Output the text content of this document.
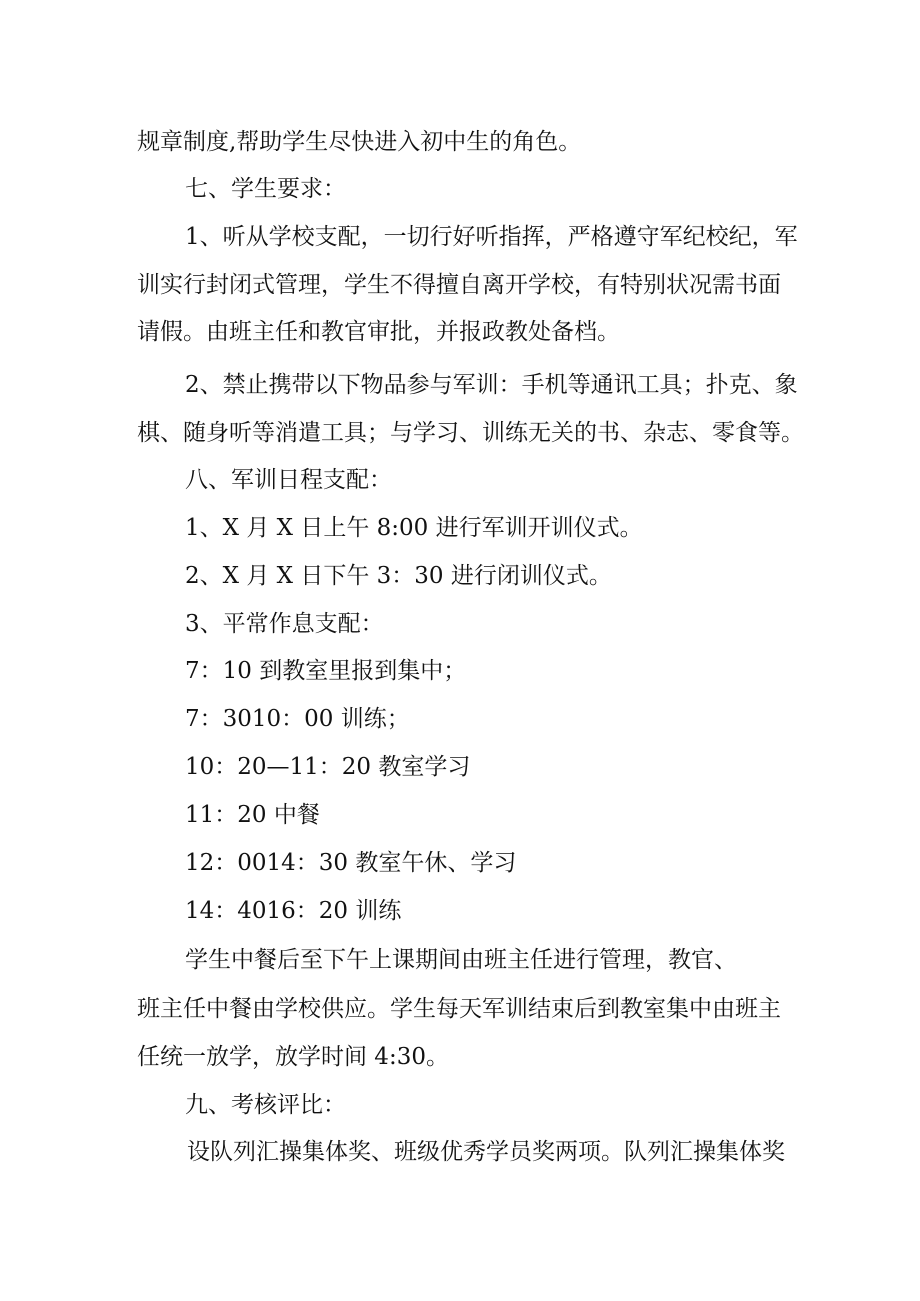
规章制度,帮助学生尽快进入初中生的角色。
七、学生要求：
1、听从学校支配，一切行好听指挥，严格遵守军纪校纪，军
训实行封闭式管理，学生不得擅自离开学校，有特别状况需书面
请假。由班主任和教官审批，并报政教处备档。
2、禁止携带以下物品参与军训：手机等通讯工具；扑克、象
棋、随身听等消遣工具；与学习、训练无关的书、杂志、零食等。
八、军训日程支配：
1、X 月 X 日上午 8:00 进行军训开训仪式。
2、X 月 X 日下午 3：30 进行闭训仪式。
3、平常作息支配：
7：10 到教室里报到集中；
7：3010：00 训练；
10：20—11：20 教室学习
11：20 中餐
12：0014：30 教室午休、学习
14：4016：20 训练
学生中餐后至下午上课期间由班主任进行管理，教官、
班主任中餐由学校供应。学生每天军训结束后到教室集中由班主
任统一放学，放学时间 4:30。
九、考核评比：
设队列汇操集体奖、班级优秀学员奖两项。队列汇操集体奖
